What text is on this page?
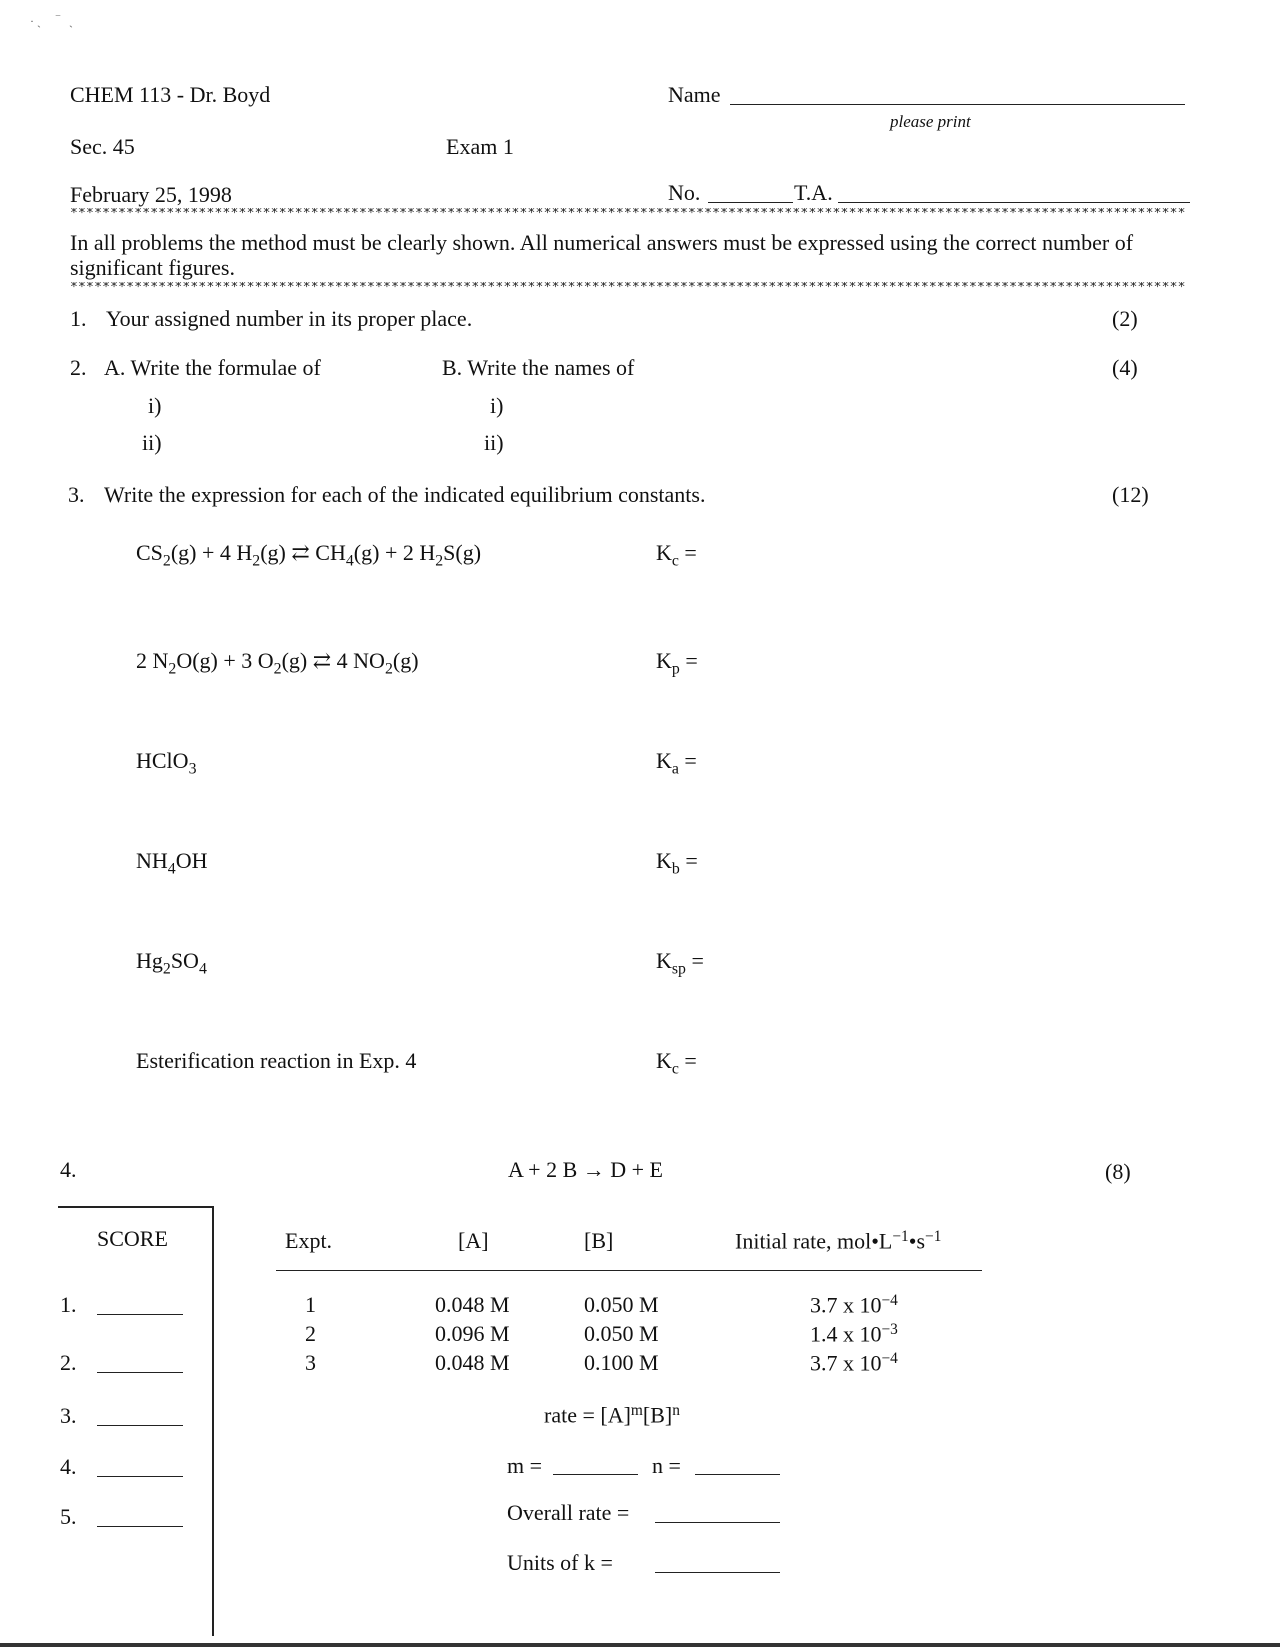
· ˎ     ‾   ˎ
CHEM 113 - Dr. Boyd	Name
please print
Sec. 45	Exam 1
February 25, 1998	No.	T.A.
*******************************************************************************************************************************************
In all problems the method must be clearly shown. All numerical answers must be expressed using the correct number of significant figures.
*******************************************************************************************************************************************
1. Your assigned number in its proper place.	(2)
2. A. Write the formulae of	B. Write the names of	(4)
i)	i)
ii)	ii)
3. Write the expression for each of the indicated equilibrium constants.	(12)
$CS_2(g) + 4$ $H_2(g)$ ⇄ $CH_4(g) + 2$ $H_2S(g)$	$K_c$ =
2 $N_2O(g) + 3$ $O_2(g)$ ⇄ 4 $NO_2(g)$	$K_p$ =
HClO$_3$	$K_a$ =
$NH_4OH$	$K_b$ =
$Hg_2SO_4$	$K_{sp}$ =
Esterification reaction in Exp. 4	$K_c$ =
4.	A + 2 B → D + E	(8)
SCORE
1.
2.
3.
4.
5.
Expt.	[A]	[B]	Initial rate, $mol•L^{-1}•s^{-1}$
1	0.048 M	0.050 M	3.7 x $10^{-4}$
2	0.096 M	0.050 M	1.4 x $10^{-3}$
3	0.048 M	0.100 M	3.7 x $10^{-4}$
rate = $[A]^m[B]^n$
m =	n =
Overall rate =
Units of k =
